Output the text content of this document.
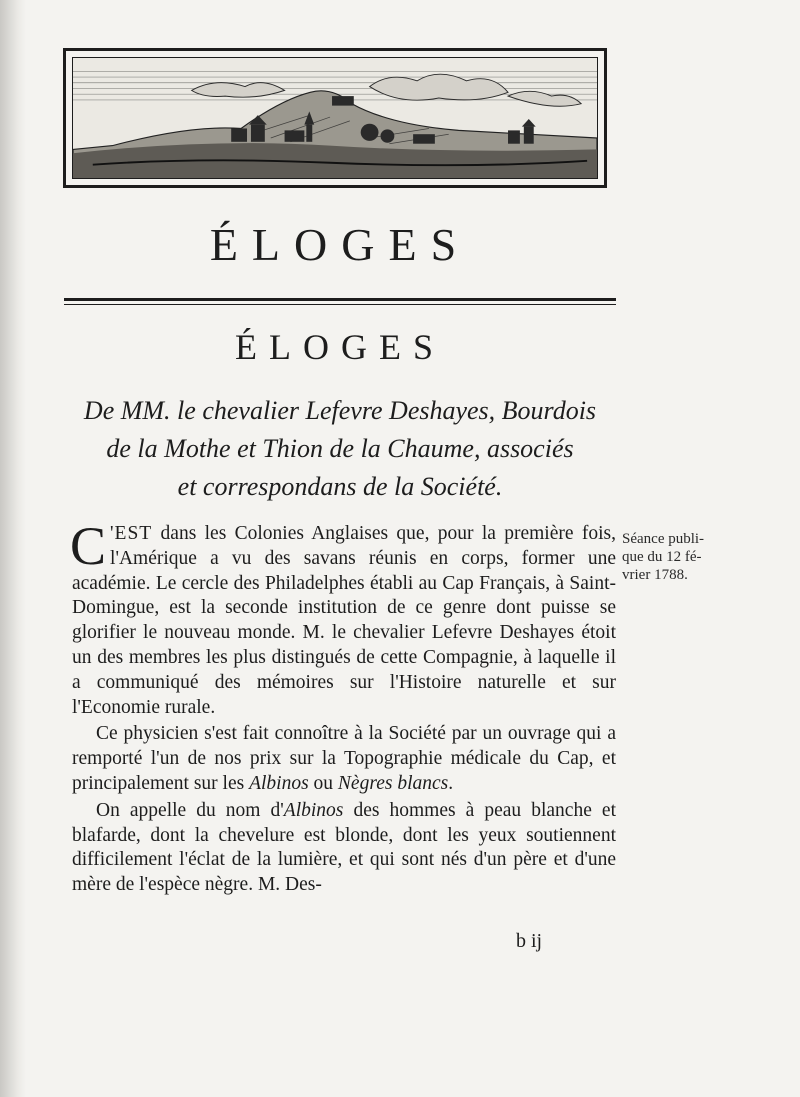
ÉLOGES
ÉLOGES
De MM. le chevalier Lefevre Deshayes, Bourdois
de la Mothe et Thion de la Chaume, associés
et correspondans de la Société.
Séance publi-
que du 12 fé-
vrier 1788.

C 'EST dans les Colonies Anglaises que, pour la première fois, l'Amérique a vu des savans réunis en corps, former une académie. Le cercle des Philadelphes établi au Cap Français, à Saint-Domingue, est la seconde institution de ce genre dont puisse se glorifier le nouveau monde. M. le chevalier Lefevre Deshayes étoit un des membres les plus distingués de cette Compagnie, à laquelle il a communiqué des mémoires sur l'Histoire naturelle et sur l'Economie rurale.

Ce physicien s'est fait connoître à la Société par un ouvrage qui a remporté l'un de nos prix sur la Topographie médicale du Cap, et principalement sur les Albinos ou Nègres blancs.

On appelle du nom d'Albinos des hommes à peau blanche et blafarde, dont la chevelure est blonde, dont les yeux soutiennent difficilement l'éclat de la lumière, et qui sont nés d'un père et d'une mère de l'espèce nègre. M. Des-

b ij
